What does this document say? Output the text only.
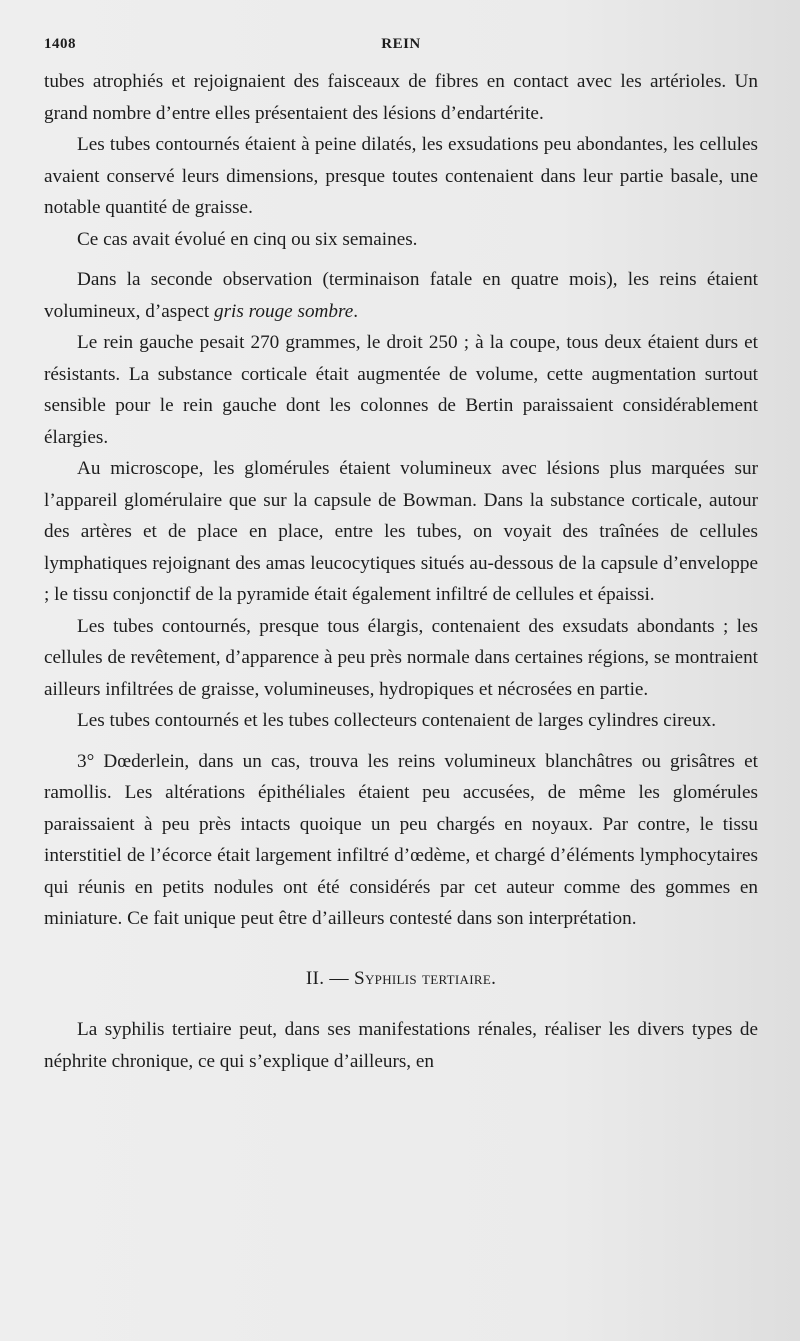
1408	REIN

tubes atrophiés et rejoignaient des faisceaux de fibres en contact avec les artérioles. Un grand nombre d’entre elles présentaient des lésions d’endartérite.

Les tubes contournés étaient à peine dilatés, les exsudations peu abondantes, les cellules avaient conservé leurs dimensions, presque toutes contenaient dans leur partie basale, une notable quantité de graisse.

Ce cas avait évolué en cinq ou six semaines.

Dans la seconde observation (terminaison fatale en quatre mois), les reins étaient volumineux, d’aspect gris rouge sombre.

Le rein gauche pesait 270 grammes, le droit 250 ; à la coupe, tous deux étaient durs et résistants. La substance corticale était augmentée de volume, cette augmentation surtout sensible pour le rein gauche dont les colonnes de Bertin paraissaient considérablement élargies.

Au microscope, les glomérules étaient volumineux avec lésions plus marquées sur l’appareil glomérulaire que sur la capsule de Bowman. Dans la substance corticale, autour des artères et de place en place, entre les tubes, on voyait des traînées de cellules lymphatiques rejoignant des amas leucocytiques situés au-dessous de la capsule d’enveloppe ; le tissu conjonctif de la pyramide était également infiltré de cellules et épaissi.

Les tubes contournés, presque tous élargis, contenaient des exsudats abondants ; les cellules de revêtement, d’apparence à peu près normale dans certaines régions, se montraient ailleurs infiltrées de graisse, volumineuses, hydropiques et nécrosées en partie.

Les tubes contournés et les tubes collecteurs contenaient de larges cylindres cireux.

3° Dœderlein, dans un cas, trouva les reins volumineux blanchâtres ou grisâtres et ramollis. Les altérations épithéliales étaient peu accusées, de même les glomérules paraissaient à peu près intacts quoique un peu chargés en noyaux. Par contre, le tissu interstitiel de l’écorce était largement infiltré d’œdème, et chargé d’éléments lymphocytaires qui réunis en petits nodules ont été considérés par cet auteur comme des gommes en miniature. Ce fait unique peut être d’ailleurs contesté dans son interprétation.

II. — Syphilis tertiaire.

La syphilis tertiaire peut, dans ses manifestations rénales, réaliser les divers types de néphrite chronique, ce qui s’explique d’ailleurs, en
